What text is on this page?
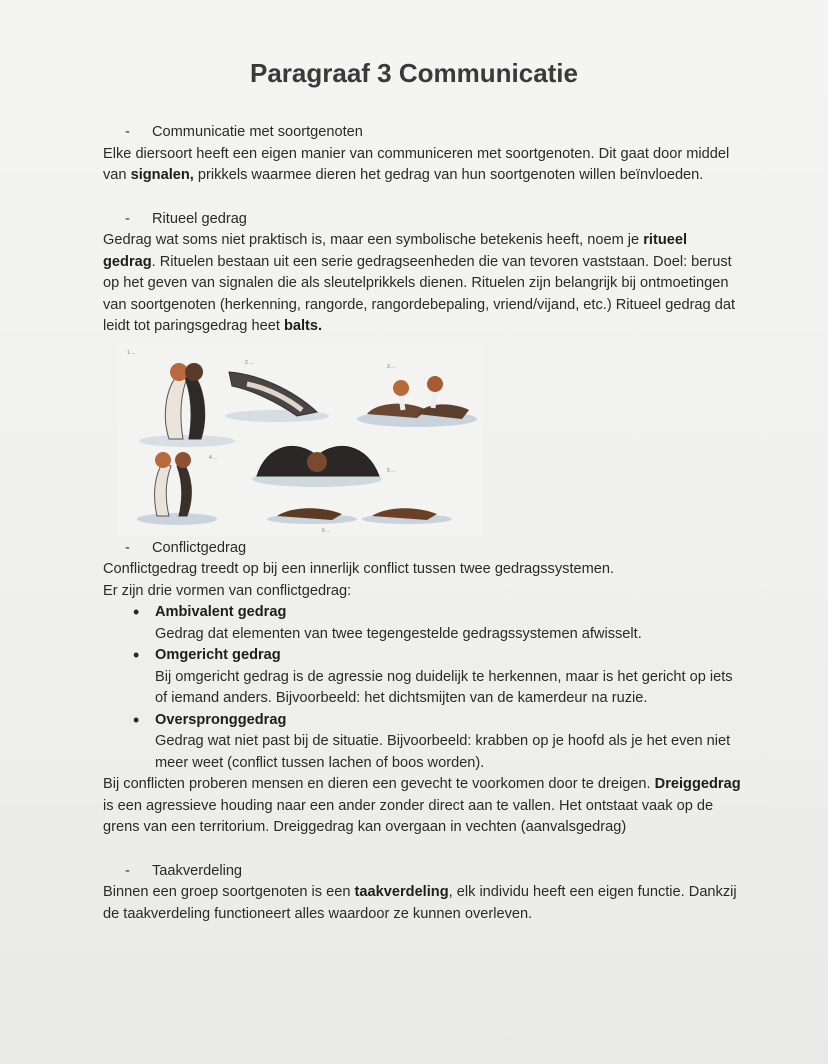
Paragraaf 3 Communicatie

- Communicatie met soortgenoten

Elke diersoort heeft een eigen manier van communiceren met soortgenoten. Dit gaat door middel van signalen, prikkels waarmee dieren het gedrag van hun soortgenoten willen beïnvloeden.

- Ritueel gedrag

Gedrag wat soms niet praktisch is, maar een symbolische betekenis heeft, noem je ritueel gedrag. Rituelen bestaan uit een serie gedragseenheden die van tevoren vaststaan. Doel: berust op het geven van signalen die als sleutelprikkels dienen. Rituelen zijn belangrijk bij ontmoetingen van soortgenoten (herkenning, rangorde, rangordebepaling, vriend/vijand, etc.) Ritueel gedrag dat leidt tot paringsgedrag heet balts.

1 ...
2 ...
3 ...
4 ...
5 ...
6 ...

- Conflictgedrag

Conflictgedrag treedt op bij een innerlijk conflict tussen twee gedragssystemen.

Er zijn drie vormen van conflictgedrag:

• Ambivalent gedrag
Gedrag dat elementen van twee tegengestelde gedragssystemen afwisselt.
• Omgericht gedrag
Bij omgericht gedrag is de agressie nog duidelijk te herkennen, maar is het gericht op iets of iemand anders. Bijvoorbeeld: het dichtsmijten van de kamerdeur na ruzie.
• Overspronggedrag
Gedrag wat niet past bij de situatie. Bijvoorbeeld: krabben op je hoofd als je het even niet meer weet (conflict tussen lachen of boos worden).

Bij conflicten proberen mensen en dieren een gevecht te voorkomen door te dreigen. Dreiggedrag is een agressieve houding naar een ander zonder direct aan te vallen. Het ontstaat vaak op de grens van een territorium. Dreiggedrag kan overgaan in vechten (aanvalsgedrag)

- Taakverdeling

Binnen een groep soortgenoten is een taakverdeling, elk individu heeft een eigen functie. Dankzij de taakverdeling functioneert alles waardoor ze kunnen overleven.
